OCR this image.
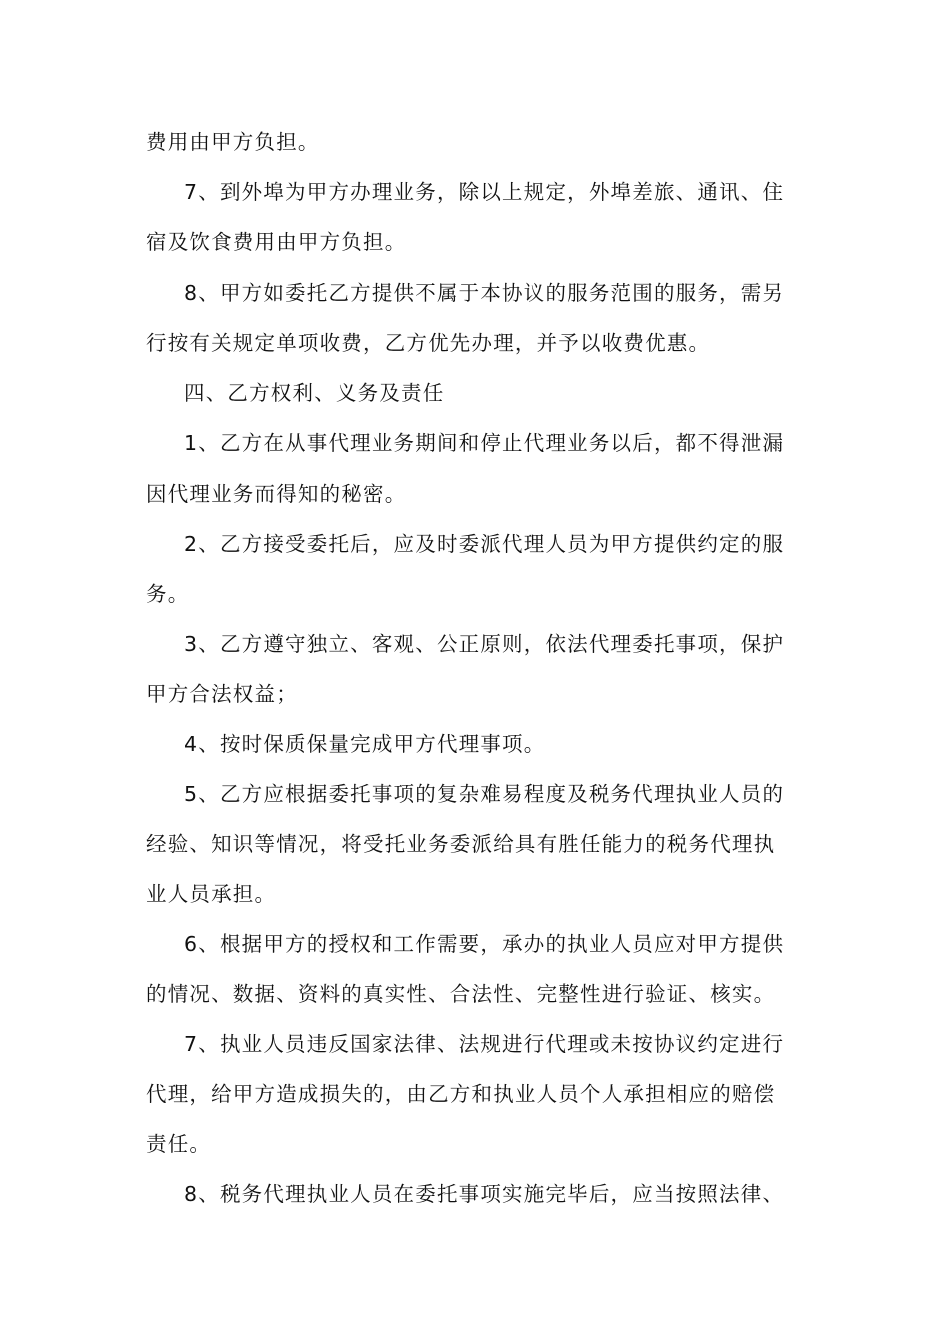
费用由甲方负担。
7、到外埠为甲方办理业务，除以上规定，外埠差旅、通讯、住
宿及饮食费用由甲方负担。
8、甲方如委托乙方提供不属于本协议的服务范围的服务，需另
行按有关规定单项收费，乙方优先办理，并予以收费优惠。
四、乙方权利、义务及责任
1、乙方在从事代理业务期间和停止代理业务以后，都不得泄漏
因代理业务而得知的秘密。
2、乙方接受委托后，应及时委派代理人员为甲方提供约定的服
务。
3、乙方遵守独立、客观、公正原则，依法代理委托事项，保护
甲方合法权益；
4、按时保质保量完成甲方代理事项。
5、乙方应根据委托事项的复杂难易程度及税务代理执业人员的
经验、知识等情况，将受托业务委派给具有胜任能力的税务代理执
业人员承担。
6、根据甲方的授权和工作需要，承办的执业人员应对甲方提供
的情况、数据、资料的真实性、合法性、完整性进行验证、核实。
7、执业人员违反国家法律、法规进行代理或未按协议约定进行
代理，给甲方造成损失的，由乙方和执业人员个人承担相应的赔偿
责任。
8、税务代理执业人员在委托事项实施完毕后，应当按照法律、
